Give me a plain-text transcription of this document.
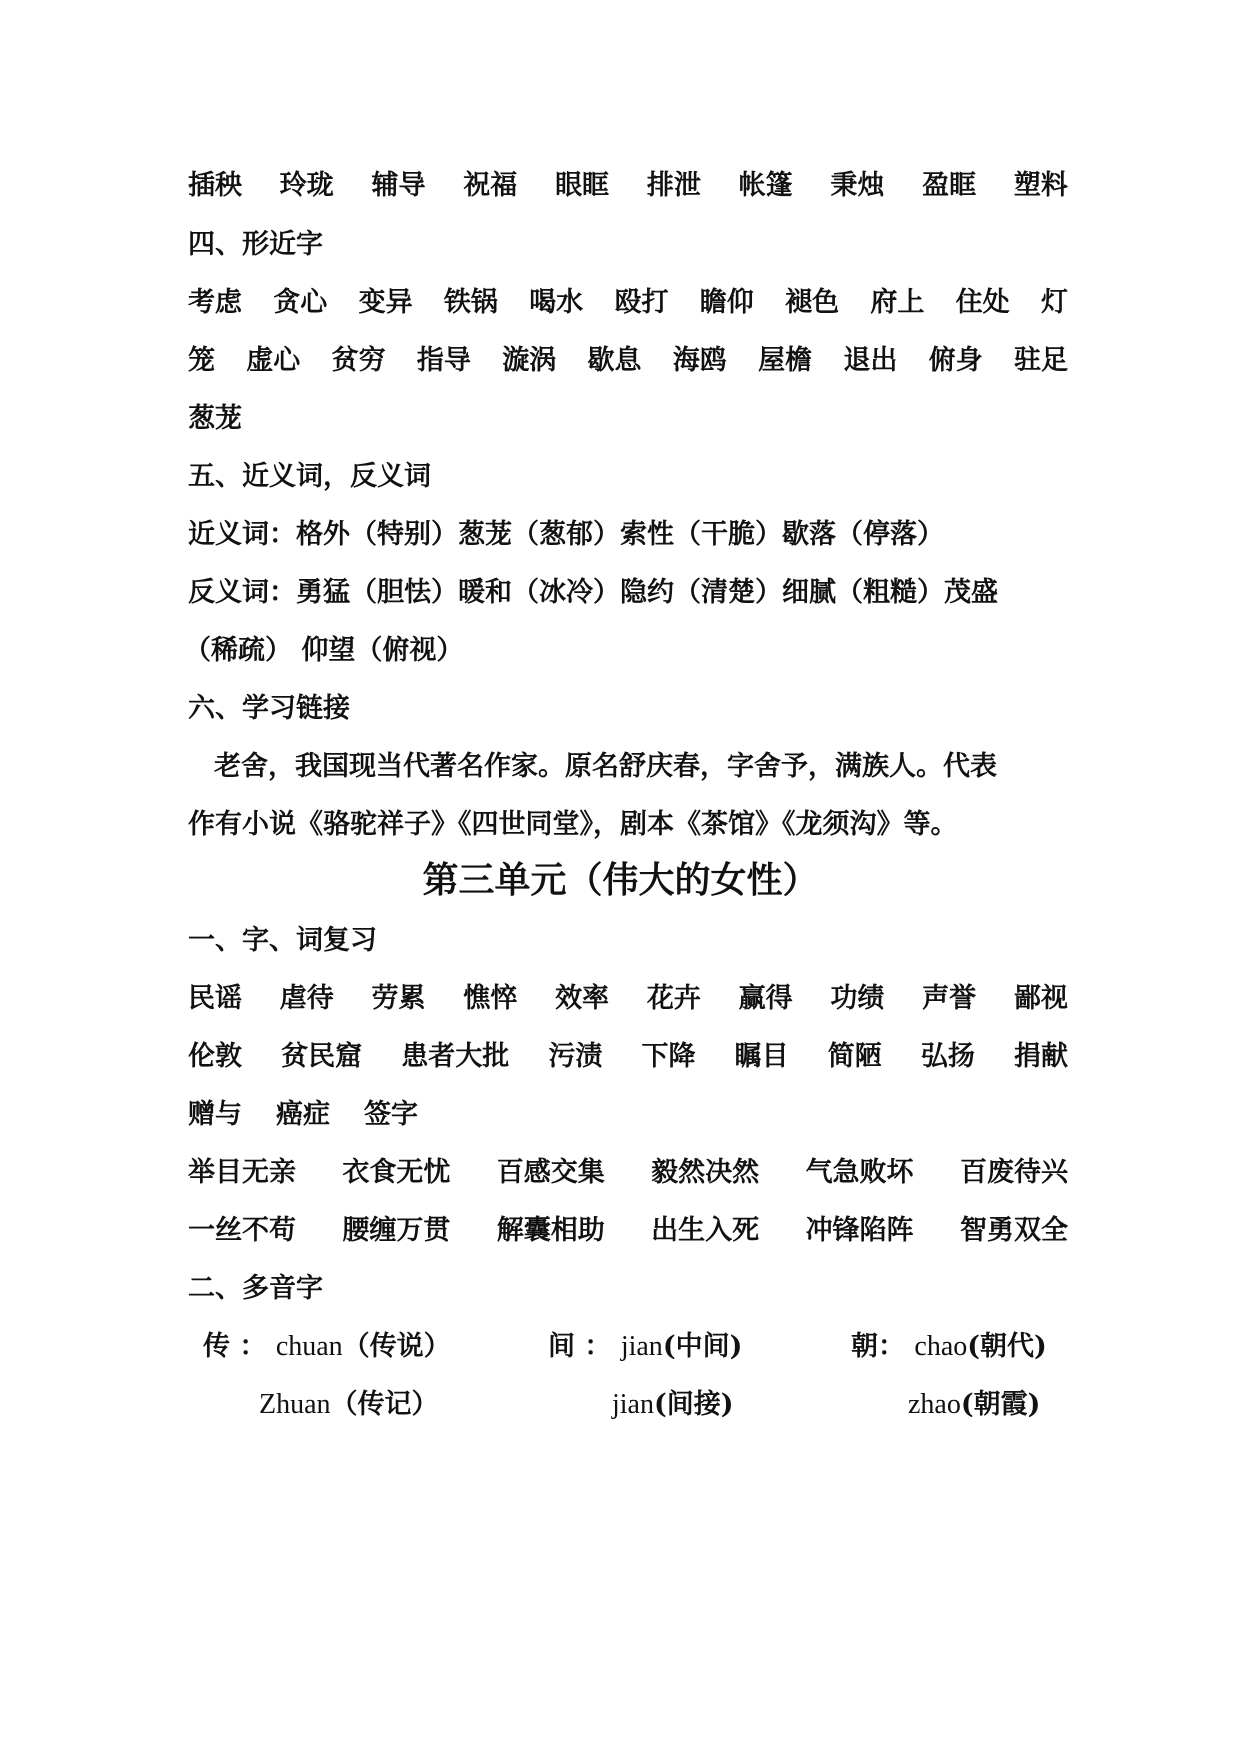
插秧 玲珑 辅导 祝福 眼眶 排泄 帐篷 秉烛 盈眶 塑料
四、形近字
考虑 贪心 变异 铁锅 喝水 殴打 瞻仰 褪色 府上 住处 灯
笼 虚心 贫穷 指导 漩涡 歇息 海鸥 屋檐 退出 俯身 驻足
葱茏
五、近义词，反义词
近义词：格外（特别）葱茏（葱郁）索性（干脆）歇落（停落）
反义词：勇猛（胆怯）暖和（冰冷）隐约（清楚）细腻（粗糙）茂盛
（稀疏） 仰望（俯视）
六、学习链接
老舍，我国现当代著名作家。原名舒庆春，字舍予，满族人。代表
作有小说《骆驼祥子》《四世同堂》，剧本《茶馆》《龙须沟》等。
第三单元（伟大的女性）
一、字、词复习
民谣 虐待 劳累 憔悴 效率 花卉 赢得 功绩 声誉 鄙视
伦敦 贫民窟 患者大批 污渍 下降 瞩目 简陋 弘扬 捐献
赠与 癌症 签字
举目无亲 衣食无忧 百感交集 毅然决然 气急败坏 百废待兴
一丝不苟 腰缠万贯 解囊相助 出生入死 冲锋陷阵 智勇双全
二、多音字
传 ： chuan（传说）	间 ： jian(中间)	朝： chao(朝代)
Zhuan（传记）	jian(间接)	zhao(朝霞)
